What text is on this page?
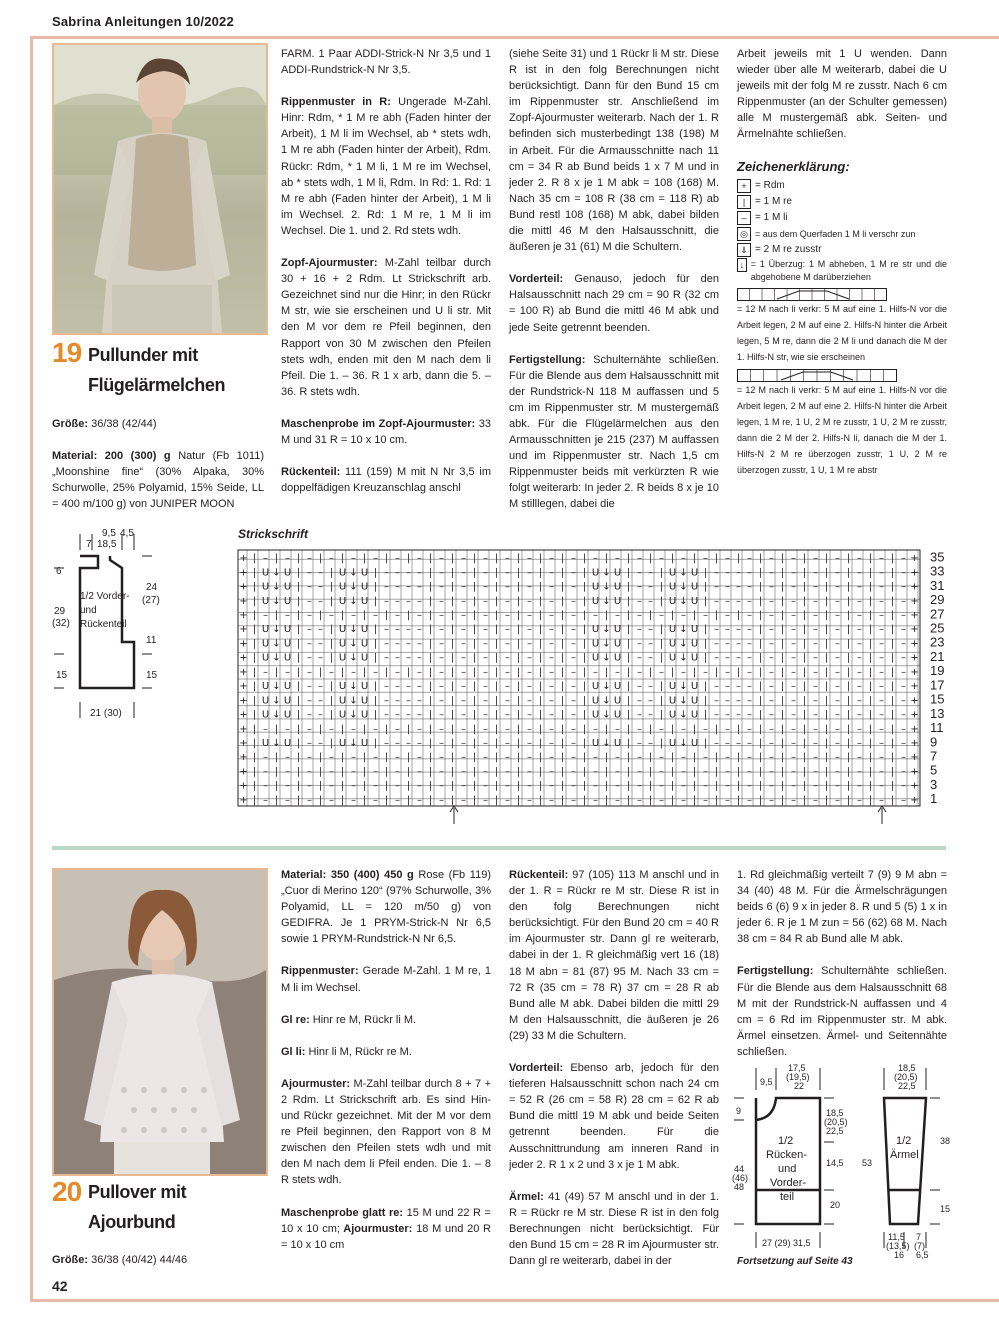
Sabrina Anleitungen 10/2022
19 Pullunder mit
Flügelärmelchen

Größe: 36/38 (42/44)

Material: 200 (300) g Natur (Fb 1011) „Moonshine fine“ (30% Alpaka, 30% Schurwolle, 25% Polyamid, 15% Seide, LL = 400 m/100 g) von JUNIPER MOON

FARM. 1 Paar ADDI-Strick-N Nr 3,5 und 1 ADDI-Rundstrick-N Nr 3,5.

Rippenmuster in R: Ungerade M-Zahl. Hinr: Rdm, * 1 M re abh (Faden hinter der Arbeit), 1 M li im Wechsel, ab * stets wdh, 1 M re abh (Faden hinter der Arbeit), Rdm. Rückr: Rdm, * 1 M li, 1 M re im Wechsel, ab * stets wdh, 1 M li, Rdm. In Rd: 1. Rd: 1 M re abh (Faden hinter der Arbeit), 1 M li im Wechsel. 2. Rd: 1 M re, 1 M li im Wechsel. Die 1. und 2. Rd stets wdh.

Zopf-Ajourmuster: M-Zahl teilbar durch 30 + 16 + 2 Rdm. Lt Strickschrift arb. Gezeichnet sind nur die Hinr; in den Rückr M str, wie sie erscheinen und U li str. Mit den M vor dem re Pfeil beginnen, den Rapport von 30 M zwischen den Pfeilen stets wdh, enden mit den M nach dem li Pfeil. Die 1. – 36. R 1 x arb, dann die 5. – 36. R stets wdh.

Maschenprobe im Zopf-Ajourmuster: 33 M und 31 R = 10 x 10 cm.

Rückenteil: 111 (159) M mit N Nr 3,5 im doppelfädigen Kreuzanschlag anschl

(siehe Seite 31) und 1 Rückr li M str. Diese R ist in den folg Berechnungen nicht berücksichtigt. Dann für den Bund 15 cm im Rippenmuster str. Anschließend im Zopf-Ajourmuster weiterarb. Nach der 1. R befinden sich musterbedingt 138 (198) M in Arbeit. Für die Armausschnitte nach 11 cm = 34 R ab Bund beids 1 x 7 M und in jeder 2. R 8 x je 1 M abk = 108 (168) M. Nach 35 cm = 108 R (38 cm = 118 R) ab Bund restl 108 (168) M abk, dabei bilden die mittl 46 M den Halsausschnitt, die äußeren je 31 (61) M die Schultern.

Vorderteil: Genauso, jedoch für den Halsausschnitt nach 29 cm = 90 R (32 cm = 100 R) ab Bund die mittl 46 M abk und jede Seite getrennt beenden.

Fertigstellung: Schulternähte schließen. Für die Blende aus dem Halsausschnitt mit der Rundstrick-N 118 M auffassen und 5 cm im Rippenmuster str. M mustergemäß abk. Für die Flügelärmelchen aus den Armausschnitten je 215 (237) M auffassen und im Rippenmuster str. Nach 1,5 cm Rippenmuster beids mit verkürzten R wie folgt weiterarb: In jeder 2. R beids 8 x je 10 M stilllegen, dabei die

Arbeit jeweils mit 1 U wenden. Dann wieder über alle M weiterarb, dabei die U jeweils mit der folg M re zusstr. Nach 6 cm Rippenmuster (an der Schulter gemessen) alle M mustergemäß abk. Seiten- und Ärmelnähte schließen.

Zeichenerklärung:
+ = Rdm
| = 1 M re
– = 1 M li
◎ = aus dem Querfaden 1 M li verschr zun
⇓ = 2 M re zusstr
↓ = 1 Überzug: 1 M abheben, 1 M re str und die abgehobene M darüberziehen
= 12 M nach li verkr: 5 M auf eine 1. Hilfs-N vor die Arbeit legen, 2 M auf eine 2. Hilfs-N hinter die Arbeit legen, 5 M re, dann die 2 M li und danach die M der 1. Hilfs-N str, wie sie erscheinen
= 12 M nach li verkr: 5 M auf eine 1. Hilfs-N vor die Arbeit legen, 2 M auf eine 2. Hilfs-N hinter die Arbeit legen, 1 M re, 1 U, 2 M re zusstr, 1 U, 2 M re zusstr, dann die 2 M der 2. Hilfs-N li, danach die M der 1. Hilfs-N 2 M re überzogen zusstr, 1 U, 2 M re überzogen zusstr, 1 U, 1 M re abstr
9,5 4,5
7 18,5
6
29
(32)
15
24
(27)
11
15
21 (30)
1/2 Vorder- und Rückenteil
Strickschrift
+ | – | – | – | – | – | – | – | – | – | – | – | – | – | – | – | – | – | – | – | – | – | – | – | – | – | – | – | – | – | – +
+ | U ↓ U | – – | U ↓ U | – – – – | – | – | – | – | – | – | – | U ↓ U | – – | U ↓ U | – – – – | – | – | – | – | – | – | – +
+ | U ↓ U | – – | U ↓ U | – – – – | – | – | – | – | – | – | – | U ↓ U | – – | U ↓ U | – – – – | – | – | – | – | – | – | – +
+ | U ↓ U | – – | U ↓ U | – – – – | – | – | – | – | – | – | – | U ↓ U | – – | U ↓ U | – – – – | – | – | – | – | – | – | – +
+ | – | – | – | – | – | – | – | – | – | – | – | – | – | – | – | – | – | – | – | – | – | – | – | – | – | – | – | – | – | – +
+ | U ↓ U | – – | U ↓ U | – – – – | – | – | – | – | – | – | – | U ↓ U | – – | U ↓ U | – – – – | – | – | – | – | – | – | – +
+ | U ↓ U | – – | U ↓ U | – – – – | – | – | – | – | – | – | – | U ↓ U | – – | U ↓ U | – – – – | – | – | – | – | – | – | – +
+ | U ↓ U | – – | U ↓ U | – – – – | – | – | – | – | – | – | – | U ↓ U | – – | U ↓ U | – – – – | – | – | – | – | – | – | – +
+ | – | – | – | – | – | – | – | – | – | – | – | – | – | – | – | – | – | – | – | – | – | – | – | – | – | – | – | – | – | – +
+ | U ↓ U | – – | U ↓ U | – – – – | – | – | – | – | – | – | – | U ↓ U | – – | U ↓ U | – – – – | – | – | – | – | – | – | – +
+ | U ↓ U | – – | U ↓ U | – – – – | – | – | – | – | – | – | – | U ↓ U | – – | U ↓ U | – – – – | – | – | – | – | – | – | – +
+ | U ↓ U | – – | U ↓ U | – – – – | – | – | – | – | – | – | – | U ↓ U | – – | U ↓ U | – – – – | – | – | – | – | – | – | – +
+ | – | – | – | – | – | – | – | – | – | – | – | – | – | – | – | – | – | – | – | – | – | – | – | – | – | – | – | – | – | – +
+ | U ↓ U | – – | U ↓ U | – – – – | – | – | – | – | – | – | – | U ↓ U | – – | U ↓ U | – – – – | – | – | – | – | – | – | – +
+ | – | – | – | – | – | – | – | – | – | – | – | – | – | – | – | – | – | – | – | – | – | – | – | – | – | – | – | – | – | – +
+ | – | – | – | – | – | – | – | – | – | – | – | – | – | – | – | – | – | – | – | – | – | – | – | – | – | – | – | – | – | – +
+ | – | – | – | – | – | – | – | – | – | – | – | – | – | – | – | – | – | – | – | – | – | – | – | – | – | – | – | – | – | – +
+ | – | – | – | – | – | – | – | – | – | – | – | – | – | – | – | – | – | – | – | – | – | – | – | – | – | – | – | – | – | – +
35
33
31
29
27
25
23
21
19
17
15
13
11
9
7
5
3
1
20 Pullover mit
Ajourbund
Größe: 36/38 (40/42) 44/46

Material: 350 (400) 450 g Rose (Fb 119) „Cuor di Merino 120“ (97% Schurwolle, 3% Polyamid, LL = 120 m/50 g) von GEDIFRA. Je 1 PRYM-Strick-N Nr 6,5 sowie 1 PRYM-Rundstrick-N Nr 6,5.

Rippenmuster: Gerade M-Zahl. 1 M re, 1 M li im Wechsel.

Gl re: Hinr re M, Rückr li M.

Gl li: Hinr li M, Rückr re M.

Ajourmuster: M-Zahl teilbar durch 8 + 7 + 2 Rdm. Lt Strickschrift arb. Es sind Hin- und Rückr gezeichnet. Mit der M vor dem re Pfeil beginnen, den Rapport von 8 M zwischen den Pfeilen stets wdh und mit den M nach dem li Pfeil enden. Die 1. – 8 R stets wdh.

Maschenprobe glatt re: 15 M und 22 R = 10 x 10 cm; Ajourmuster: 18 M und 20 R = 10 x 10 cm

Rückenteil: 97 (105) 113 M anschl und in der 1. R = Rückr re M str. Diese R ist in den folg Berechnungen nicht berücksichtigt. Für den Bund 20 cm = 40 R im Ajourmuster str. Dann gl re weiterarb, dabei in der 1. R gleichmäßig vert 16 (18) 18 M abn = 81 (87) 95 M. Nach 33 cm = 72 R (35 cm = 78 R) 37 cm = 28 R ab Bund alle M abk. Dabei bilden die mittl 29 M den Halsausschnitt, die äußeren je 26 (29) 33 M die Schultern.

Vorderteil: Ebenso arb, jedoch für den tieferen Halsausschnitt schon nach 24 cm = 52 R (26 cm = 58 R) 28 cm = 62 R ab Bund die mittl 19 M abk und beide Seiten getrennt beenden. Für die Ausschnittrundung am inneren Rand in jeder 2. R 1 x 2 und 3 x je 1 M abk.

Ärmel: 41 (49) 57 M anschl und in der 1. R = Rückr re M str. Diese R ist in den folg Berechnungen nicht berücksichtigt. Für den Bund 15 cm = 28 R im Ajourmuster str. Dann gl re weiterarb, dabei in der

1. Rd gleichmäßig verteilt 7 (9) 9 M abn = 34 (40) 48 M. Für die Ärmelschrägungen beids 6 (6) 9 x in jeder 8. R und 5 (5) 1 x in jeder 6. R je 1 M zun = 56 (62) 68 M. Nach 38 cm = 84 R ab Bund alle M abk.

Fertigstellung: Schulternähte schließen. Für die Blende aus dem Halsausschnitt 68 M mit der Rundstrick-N auffassen und 4 cm = 6 Rd im Rippenmuster str. M abk. Ärmel einsetzen. Ärmel- und Seitennähte schließen.

17,5
(19,5)
22
9,5
9
44
(46)
48
18,5
(20,5)
22,5
14,5
20
27 (29) 31,5
1/2
Rücken-
und
Vorder-
teil
18,5
(20,5)
22,5
53
38
15
1/2
Ärmel
11,5
(13,5)
16
7
(7)
6,5
Fortsetzung auf Seite 43
42
